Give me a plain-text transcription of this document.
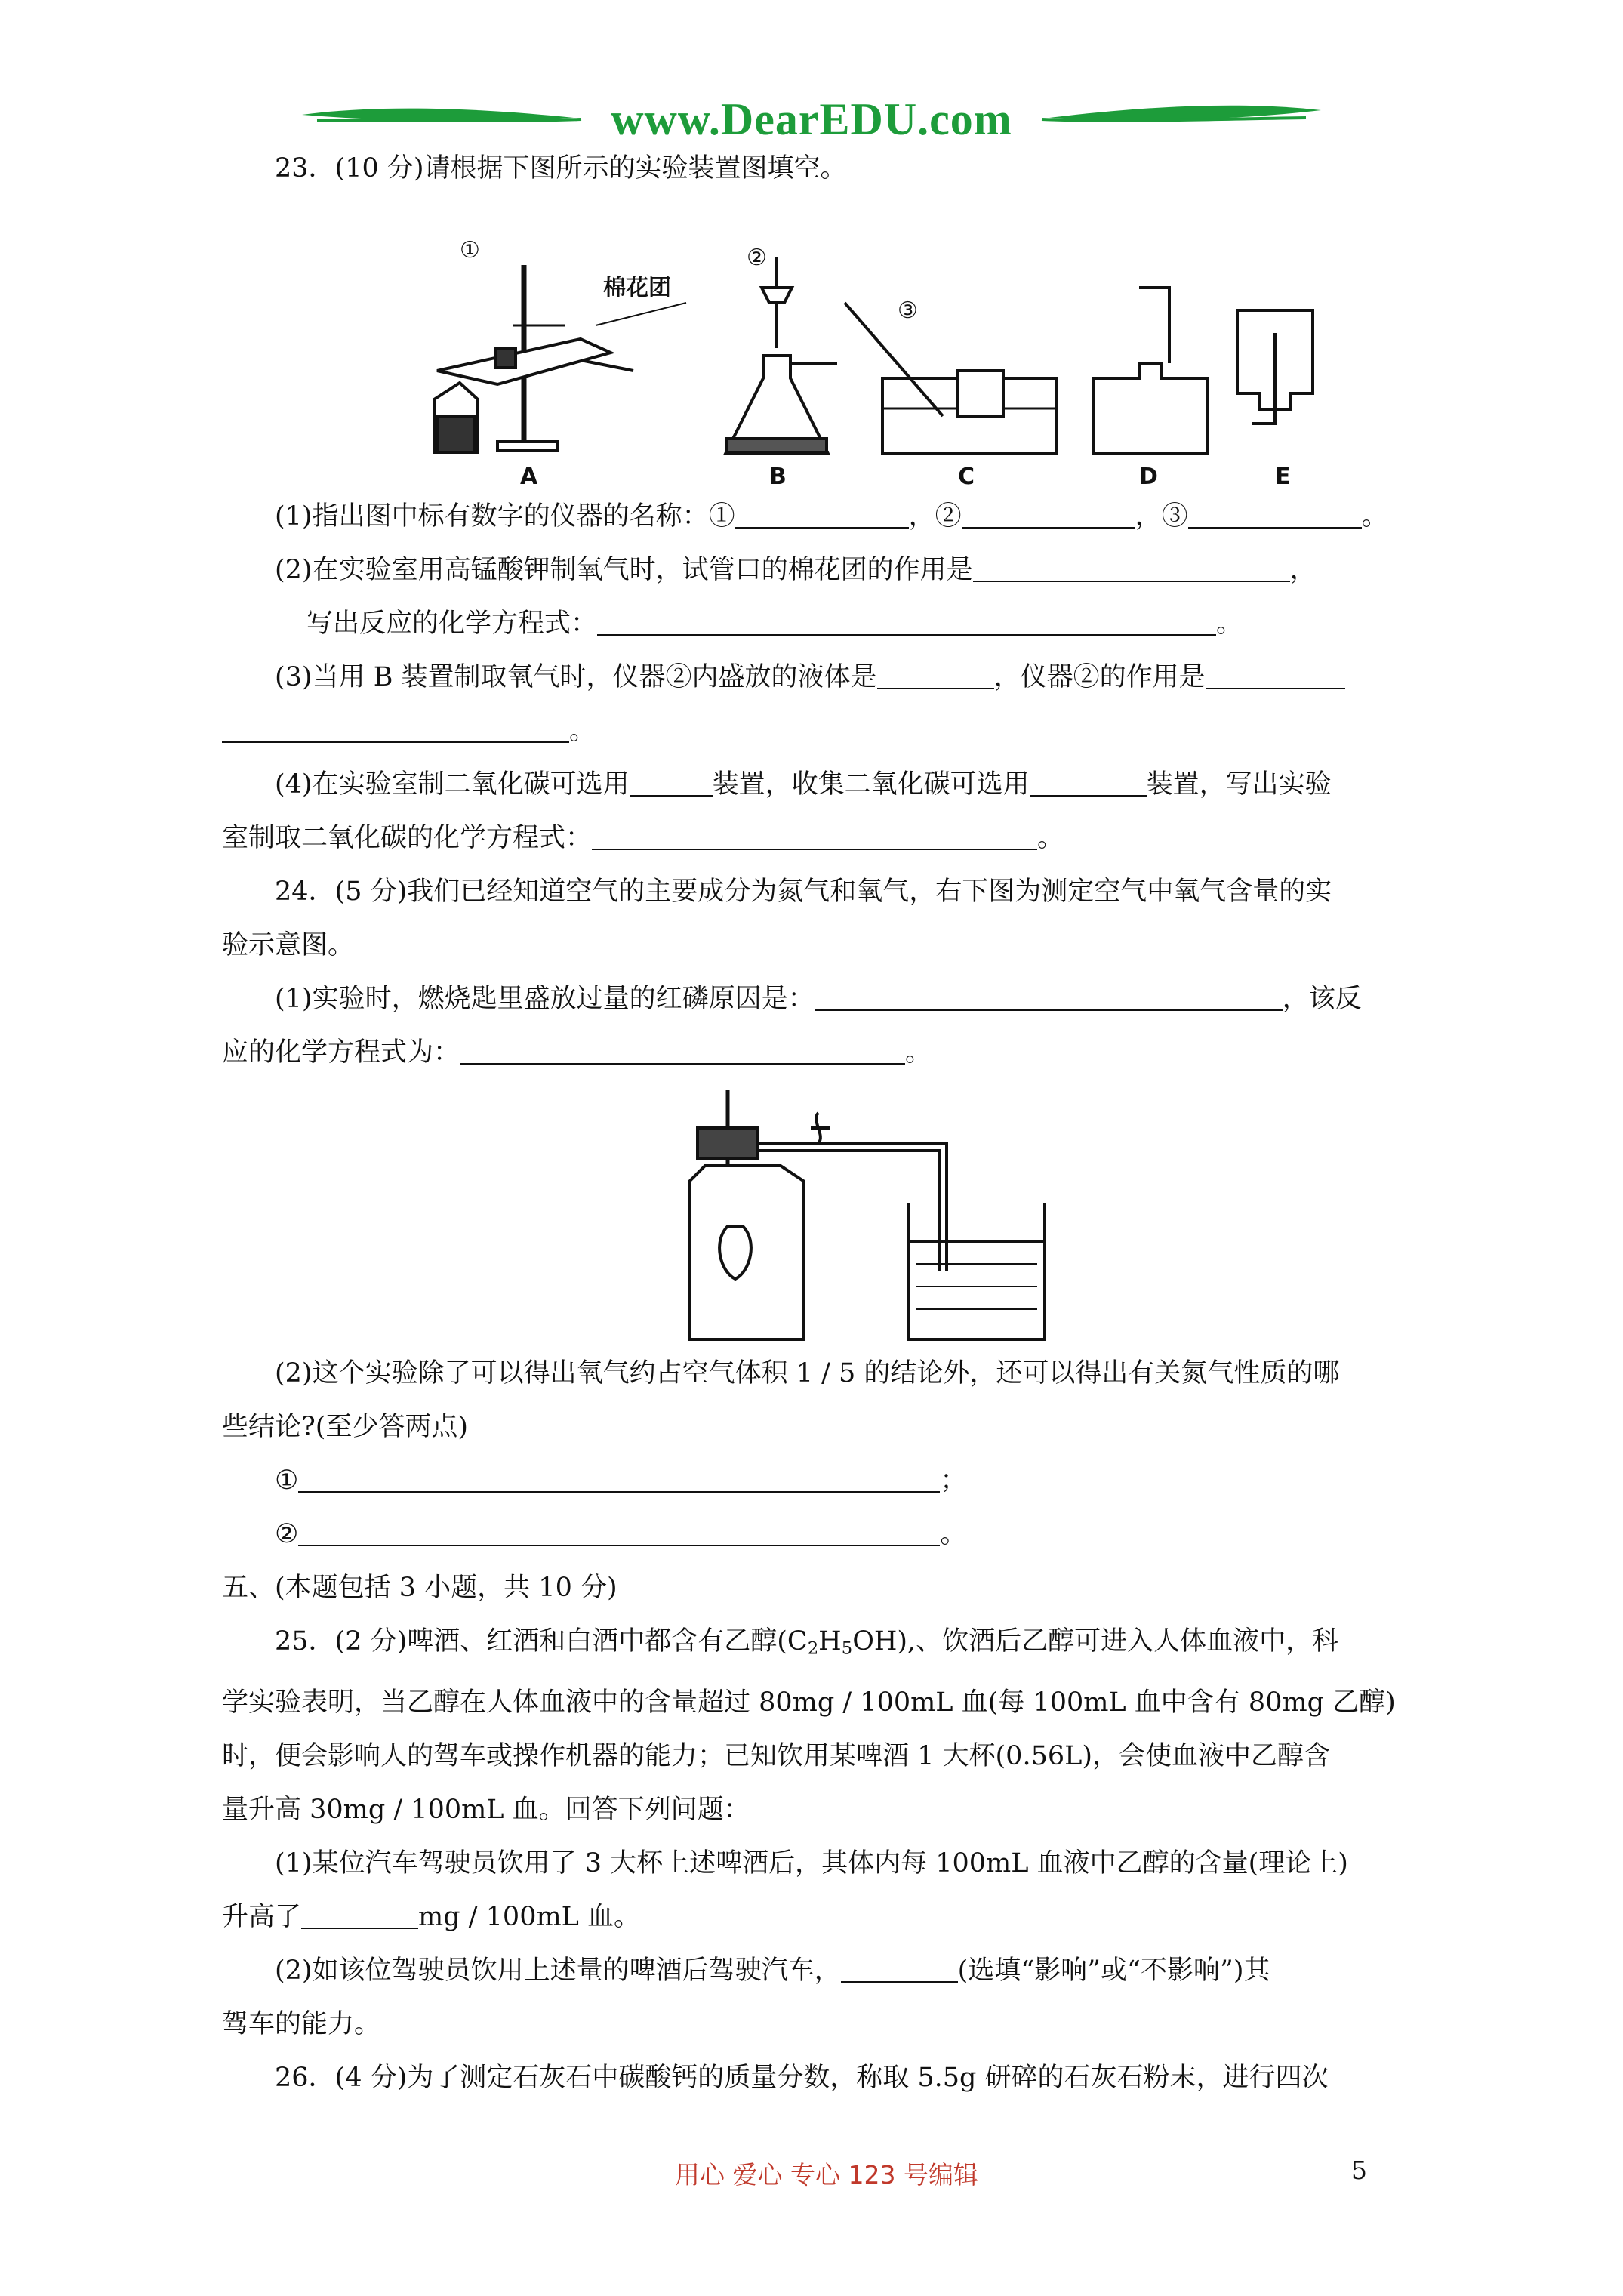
www.DearEDU.com

23．(10 分)请根据下图所示的实验装置图填空。

①	②
③
棉花团
A	B	C	D	E

(1)指出图中标有数字的仪器的名称：①	，②	，③	。

(2)在实验室用高锰酸钾制氧气时，试管口的棉花团的作用是	，

写出反应的化学方程式：	。

(3)当用 B 装置制取氧气时，仪器②内盛放的液体是	，仪器②的作用是

。

(4)在实验室制二氧化碳可选用	装置，收集二氧化碳可选用	装置，写出实验

室制取二氧化碳的化学方程式：	。

24．(5 分)我们已经知道空气的主要成分为氮气和氧气，右下图为测定空气中氧气含量的实

验示意图。

(1)实验时，燃烧匙里盛放过量的红磷原因是：	，该反

应的化学方程式为：	。

(2)这个实验除了可以得出氧气约占空气体积 1 / 5 的结论外，还可以得出有关氮气性质的哪

些结论?(至少答两点)

①	；

②	。

五、(本题包括 3 小题，共 10 分)

25．(2 分)啤酒、红酒和白酒中都含有乙醇$(C_2H_5OH)$,、饮酒后乙醇可进入人体血液中，科

学实验表明，当乙醇在人体血液中的含量超过 80mg / 100mL 血(每 100mL 血中含有 80mg 乙醇)

时，便会影响人的驾车或操作机器的能力；已知饮用某啤酒 1 大杯(0.56L)，会使血液中乙醇含

量升高 30mg / 100mL 血。回答下列问题：

(1)某位汽车驾驶员饮用了 3 大杯上述啤酒后，其体内每 100mL 血液中乙醇的含量(理论上)

升高了	mg / 100mL 血。

(2)如该位驾驶员饮用上述量的啤酒后驾驶汽车，	(选填“影响”或“不影响”)其

驾车的能力。

26．(4 分)为了测定石灰石中碳酸钙的质量分数，称取 5.5g 研碎的石灰石粉末，进行四次

用心 爱心 专心 123 号编辑	5
